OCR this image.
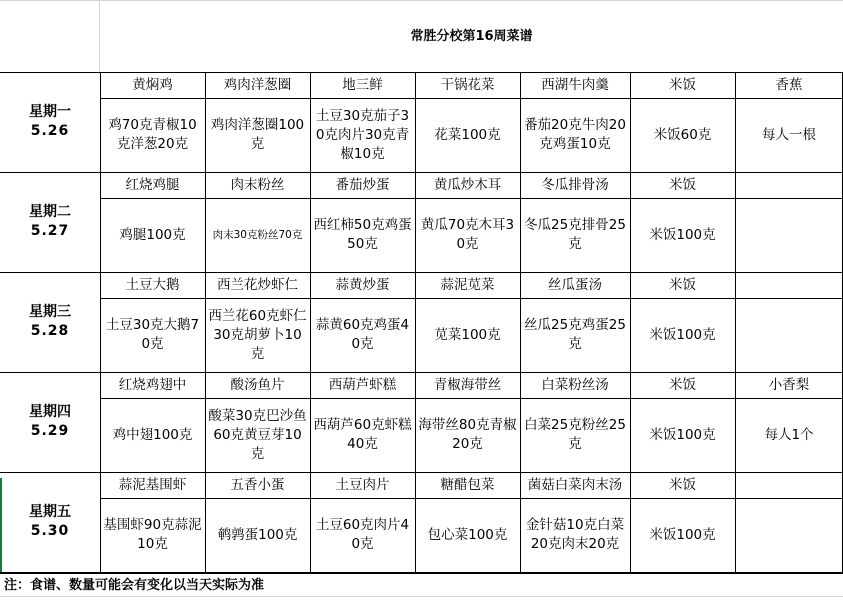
常胜分校第16周菜谱
星期一
5.26
黄焖鸡
鸡70克青椒10克洋葱20克
鸡肉洋葱圈
鸡肉洋葱圈100克
地三鲜
土豆30克茄子30克肉片30克青椒10克
干锅花菜
花菜100克
西湖牛肉羹
番茄20克牛肉20克鸡蛋10克
米饭
米饭60克
香蕉
每人一根
星期二
5.27
红烧鸡腿
鸡腿100克
肉末粉丝
肉末30克粉丝70克
番茄炒蛋
西红柿50克鸡蛋50克
黄瓜炒木耳
黄瓜70克木耳30克
冬瓜排骨汤
冬瓜25克排骨25克
米饭
米饭100克
星期三
5.28
土豆大鹅
土豆30克大鹅70克
西兰花炒虾仁
西兰花60克虾仁30克胡萝卜10克
蒜黄炒蛋
蒜黄60克鸡蛋40克
蒜泥苋菜
苋菜100克
丝瓜蛋汤
丝瓜25克鸡蛋25克
米饭
米饭100克
星期四
5.29
红烧鸡翅中
鸡中翅100克
酸汤鱼片
酸菜30克巴沙鱼60克黄豆芽10克
西葫芦虾糕
西葫芦60克虾糕40克
青椒海带丝
海带丝80克青椒20克
白菜粉丝汤
白菜25克粉丝25克
米饭
米饭100克
小香梨
每人1个
星期五
5.30
蒜泥基围虾
基围虾90克蒜泥10克
五香小蛋
鹌鹑蛋100克
土豆肉片
土豆60克肉片40克
糖醋包菜
包心菜100克
菌菇白菜肉末汤
金针菇10克白菜20克肉末20克
米饭
米饭100克
注：食谱、数量可能会有变化以当天实际为准
